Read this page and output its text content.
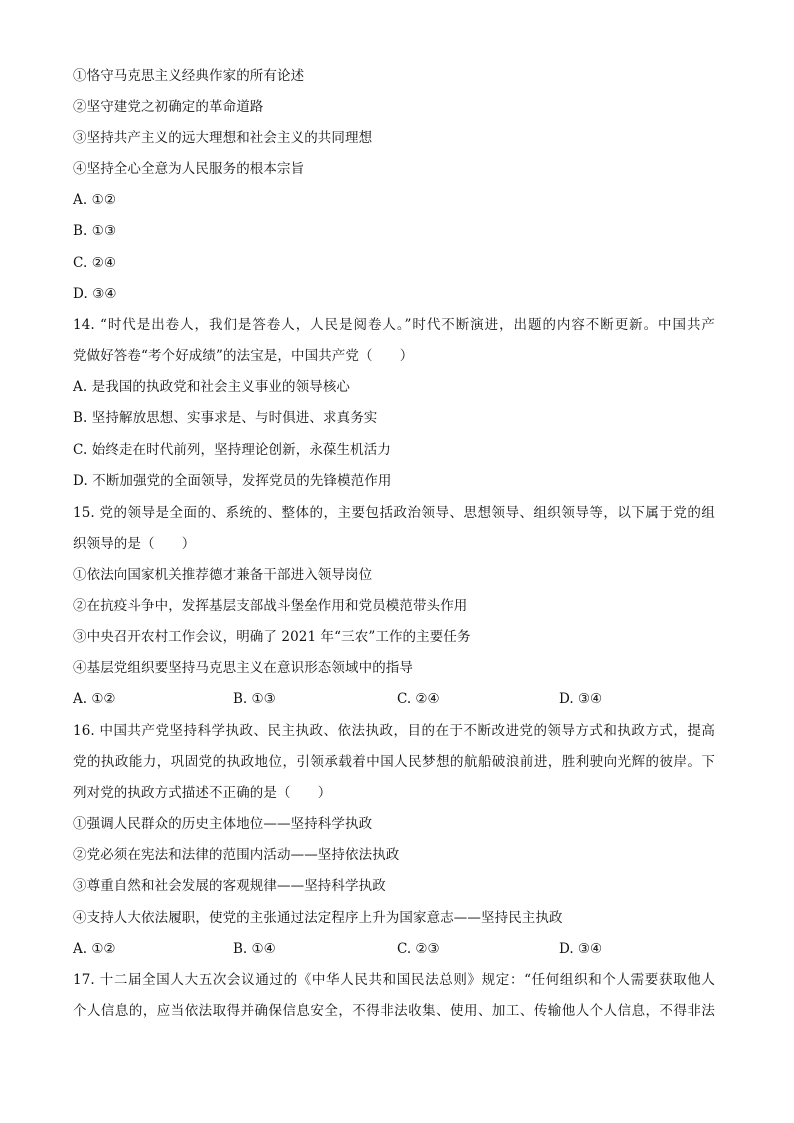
①恪守马克思主义经典作家的所有论述
②坚守建党之初确定的革命道路
③坚持共产主义的远大理想和社会主义的共同理想
④坚持全心全意为人民服务的根本宗旨
A. ①②
B. ①③
C. ②④
D. ③④
14. “时代是出卷人，我们是答卷人，人民是阅卷人。”时代不断演进，出题的内容不断更新。中国共产
党做好答卷“考个好成绩”的法宝是，中国共产党（　　）
A. 是我国的执政党和社会主义事业的领导核心
B. 坚持解放思想、实事求是、与时俱进、求真务实
C. 始终走在时代前列，坚持理论创新，永葆生机活力
D. 不断加强党的全面领导，发挥党员的先锋模范作用
15. 党的领导是全面的、系统的、整体的，主要包括政治领导、思想领导、组织领导等，以下属于党的组
织领导的是（　　）
①依法向国家机关推荐德才兼备干部进入领导岗位
②在抗疫斗争中，发挥基层支部战斗堡垒作用和党员模范带头作用
③中央召开农村工作会议，明确了 2021 年“三农”工作的主要任务
④基层党组织要坚持马克思主义在意识形态领域中的指导
A. ①②	B. ①③	C. ②④	D. ③④
16. 中国共产党坚持科学执政、民主执政、依法执政，目的在于不断改进党的领导方式和执政方式，提高
党的执政能力，巩固党的执政地位，引领承载着中国人民梦想的航船破浪前进，胜利驶向光辉的彼岸。下
列对党的执政方式描述不正确的是（　　）
①强调人民群众的历史主体地位——坚持科学执政
②党必须在宪法和法律的范围内活动——坚持依法执政
③尊重自然和社会发展的客观规律——坚持科学执政
④支持人大依法履职，使党的主张通过法定程序上升为国家意志——坚持民主执政
A. ①②	B. ①④	C. ②③	D. ③④
17. 十二届全国人大五次会议通过的《中华人民共和国民法总则》规定：“任何组织和个人需要获取他人
个人信息的，应当依法取得并确保信息安全，不得非法收集、使用、加工、传输他人个人信息，不得非法
